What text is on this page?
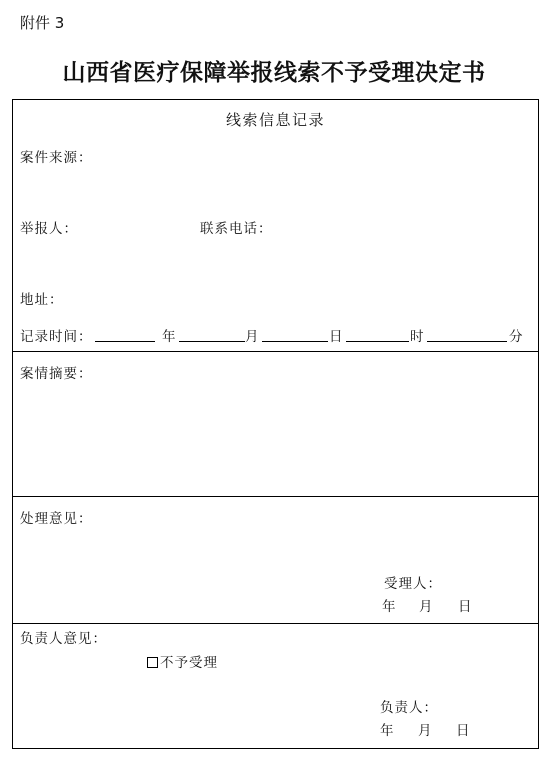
附件 3
山西省医疗保障举报线索不予受理决定书
线索信息记录
案件来源：
举报人：	联系电话：
地址：
记录时间：	年	月	日	时	分
案情摘要：
处理意见：
受理人：
年 月 日
负责人意见：
不予受理
负责人：
年 月 日
